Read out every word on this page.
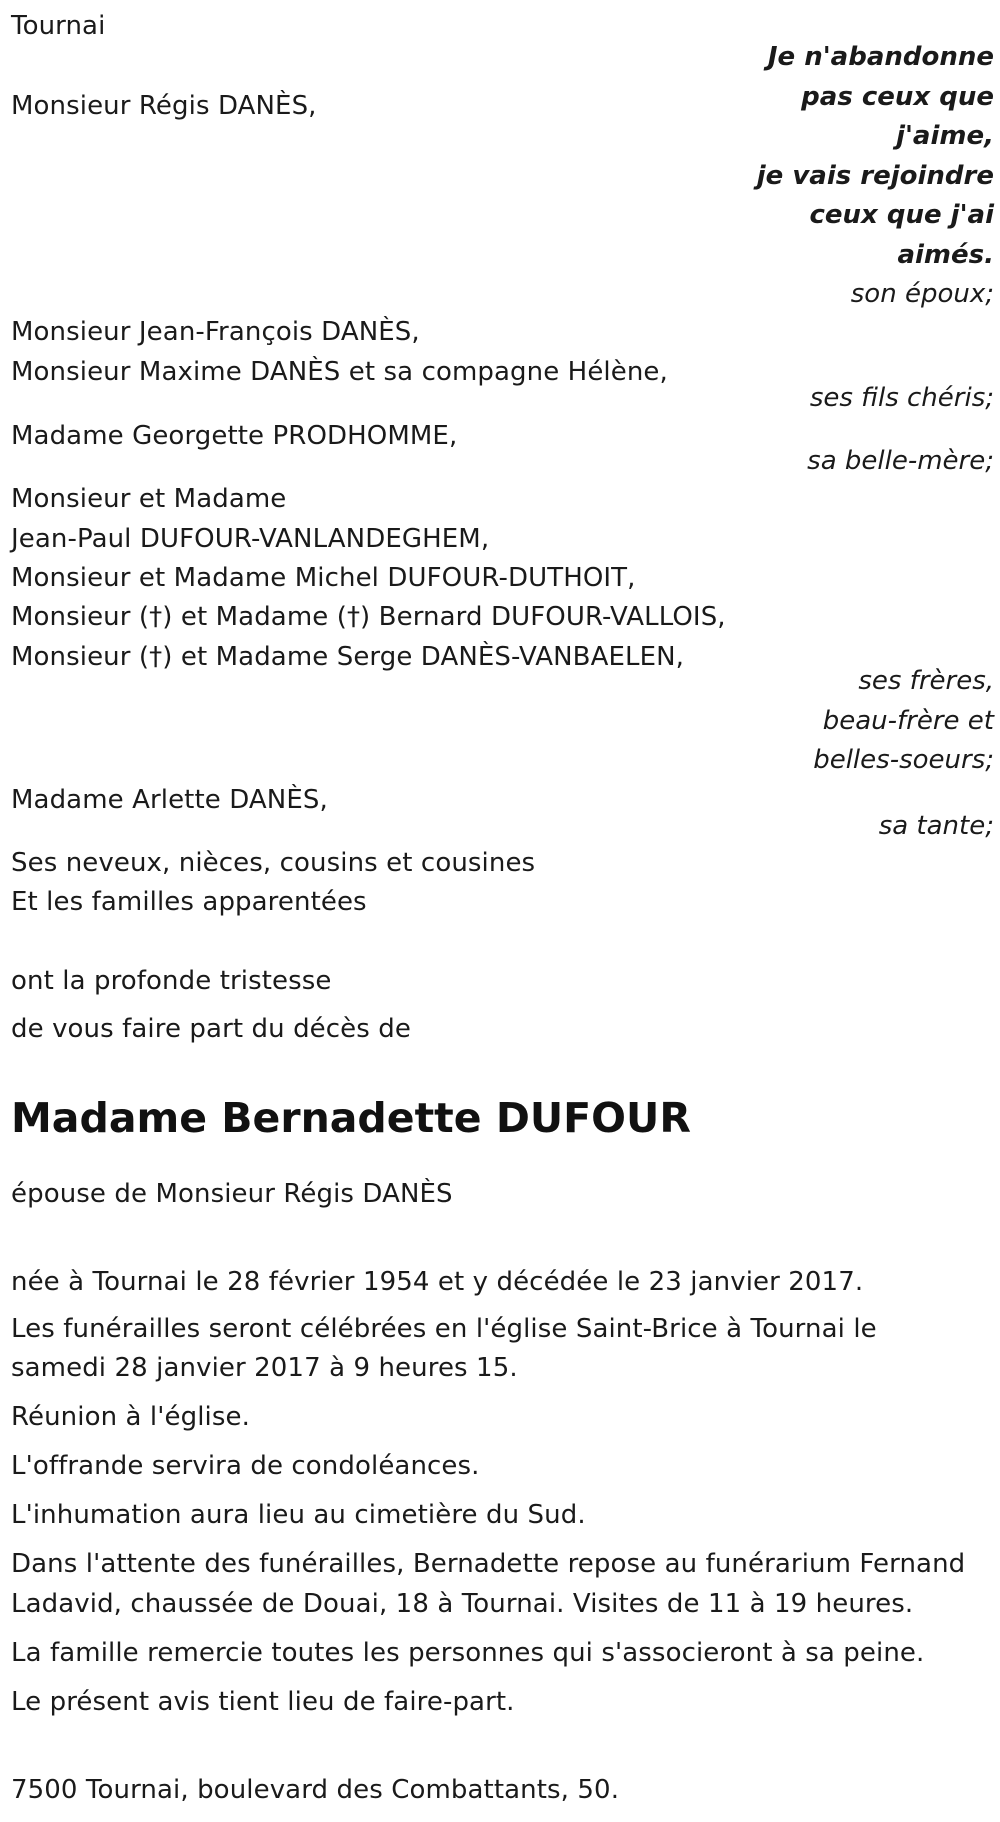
Tournai
Je n'abandonne
pas ceux que
j'aime,
je vais rejoindre
ceux que j'ai
aimés.
Monsieur Régis DANÈS,
son époux;
Monsieur Jean-François DANÈS,
Monsieur Maxime DANÈS et sa compagne Hélène,
ses fils chéris;
Madame Georgette PRODHOMME,
sa belle-mère;
Monsieur et Madame
Jean-Paul DUFOUR-VANLANDEGHEM,
Monsieur et Madame Michel DUFOUR-DUTHOIT,
Monsieur (†) et Madame (†) Bernard DUFOUR-VALLOIS,
Monsieur (†) et Madame Serge DANÈS-VANBAELEN,
ses frères,
beau-frère et
belles-soeurs;
Madame Arlette DANÈS,
sa tante;
Ses neveux, nièces, cousins et cousines
Et les familles apparentées
ont la profonde tristesse
de vous faire part du décès de
Madame Bernadette DUFOUR
épouse de Monsieur Régis DANÈS
née à Tournai le 28 février 1954 et y décédée le 23 janvier 2017.
Les funérailles seront célébrées en l'église Saint-Brice à Tournai le
samedi 28 janvier 2017 à 9 heures 15.
Réunion à l'église.
L'offrande servira de condoléances.
L'inhumation aura lieu au cimetière du Sud.
Dans l'attente des funérailles, Bernadette repose au funérarium Fernand
Ladavid, chaussée de Douai, 18 à Tournai. Visites de 11 à 19 heures.
La famille remercie toutes les personnes qui s'associeront à sa peine.
Le présent avis tient lieu de faire-part.
7500 Tournai, boulevard des Combattants, 50.
